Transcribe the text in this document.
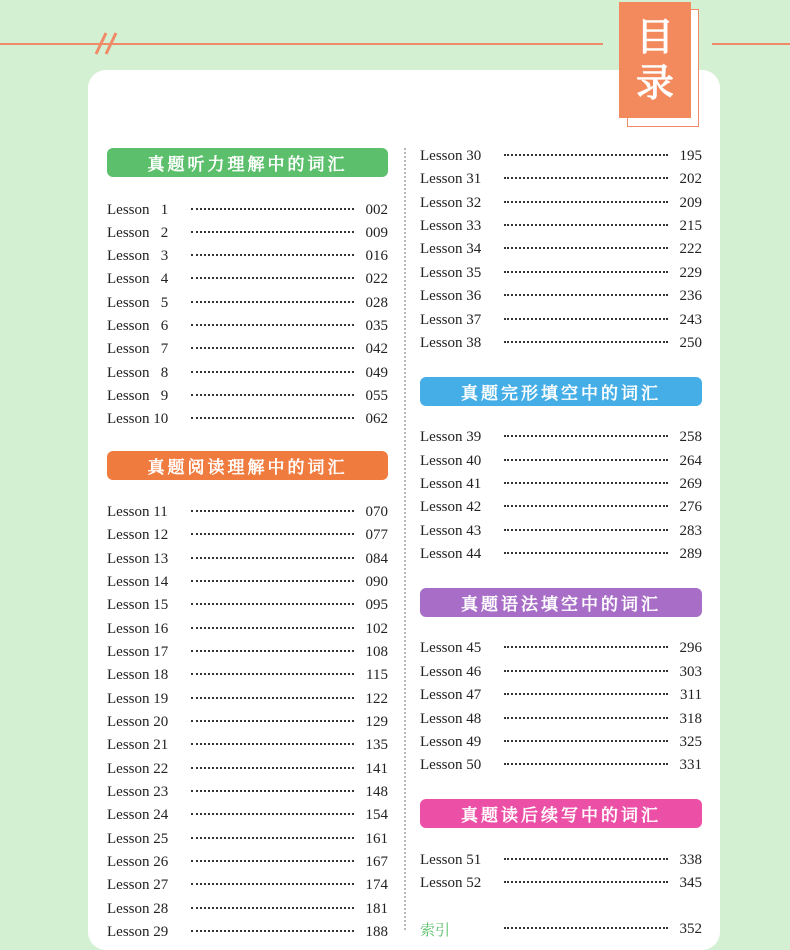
目
录
真题听力理解中的词汇
Lesson   1	002
Lesson   2	009
Lesson   3	016
Lesson   4	022
Lesson   5	028
Lesson   6	035
Lesson   7	042
Lesson   8	049
Lesson   9	055
Lesson 10	062
真题阅读理解中的词汇
Lesson 11	070
Lesson 12	077
Lesson 13	084
Lesson 14	090
Lesson 15	095
Lesson 16	102
Lesson 17	108
Lesson 18	115
Lesson 19	122
Lesson 20	129
Lesson 21	135
Lesson 22	141
Lesson 23	148
Lesson 24	154
Lesson 25	161
Lesson 26	167
Lesson 27	174
Lesson 28	181
Lesson 29	188
Lesson 30	195
Lesson 31	202
Lesson 32	209
Lesson 33	215
Lesson 34	222
Lesson 35	229
Lesson 36	236
Lesson 37	243
Lesson 38	250
真题完形填空中的词汇
Lesson 39	258
Lesson 40	264
Lesson 41	269
Lesson 42	276
Lesson 43	283
Lesson 44	289
真题语法填空中的词汇
Lesson 45	296
Lesson 46	303
Lesson 47	311
Lesson 48	318
Lesson 49	325
Lesson 50	331
真题读后续写中的词汇
Lesson 51	338
Lesson 52	345
索引	352
